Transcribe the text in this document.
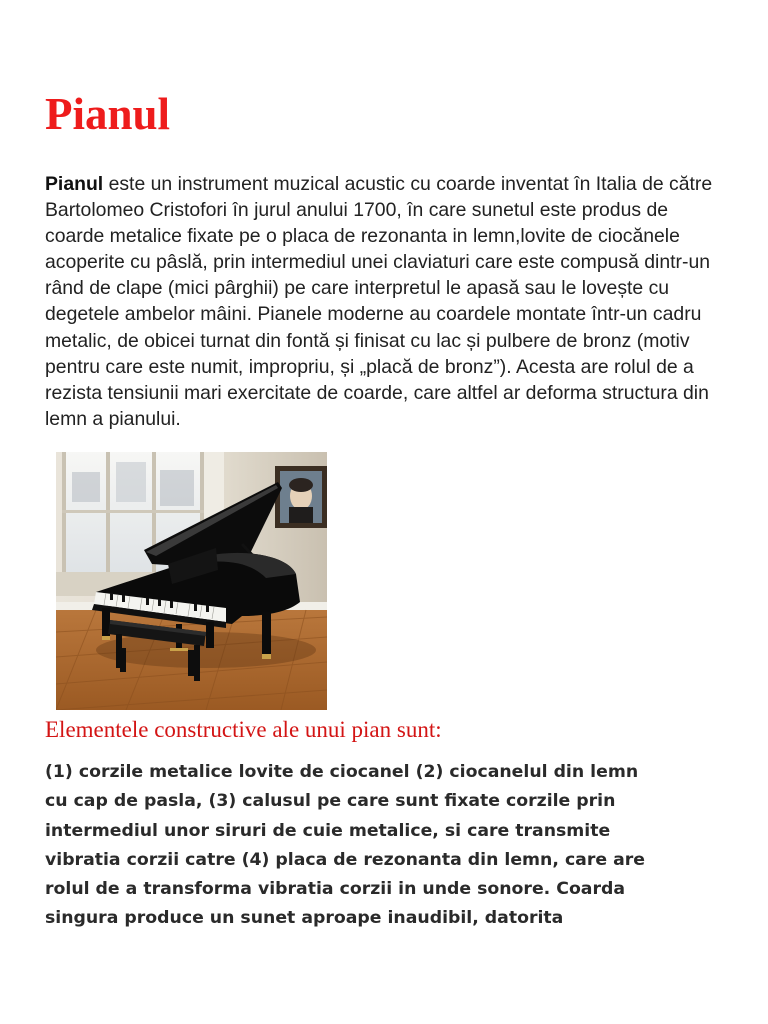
Pianul

Pianul este un instrument muzical acustic cu coarde inventat în Italia de către Bartolomeo Cristofori în jurul anului 1700, în care sunetul este produs de coarde metalice fixate pe o placa de rezonanta in lemn,lovite de ciocănele acoperite cu pâslă, prin intermediul unei claviaturi care este compusă dintr-un rând de clape (mici pârghii) pe care interpretul le apasă sau le lovește cu degetele ambelor mâini. Pianele moderne au coardele montate într-un cadru metalic, de obicei turnat din fontă și finisat cu lac și pulbere de bronz (motiv pentru care este numit, impropriu, și „placă de bronz”). Acesta are rolul de a rezista tensiunii mari exercitate de coarde, care altfel ar deforma structura din lemn a pianului.

Elementele constructive ale unui pian sunt:

(1) corzile metalice lovite de ciocanel (2) ciocanelul din lemn
cu cap de pasla, (3) calusul pe care sunt fixate corzile prin
intermediul unor siruri de cuie metalice, si care transmite
vibratia corzii catre (4) placa de rezonanta din lemn, care are
rolul de a transforma vibratia corzii in unde sonore. Coarda
singura produce un sunet aproape inaudibil, datorita
